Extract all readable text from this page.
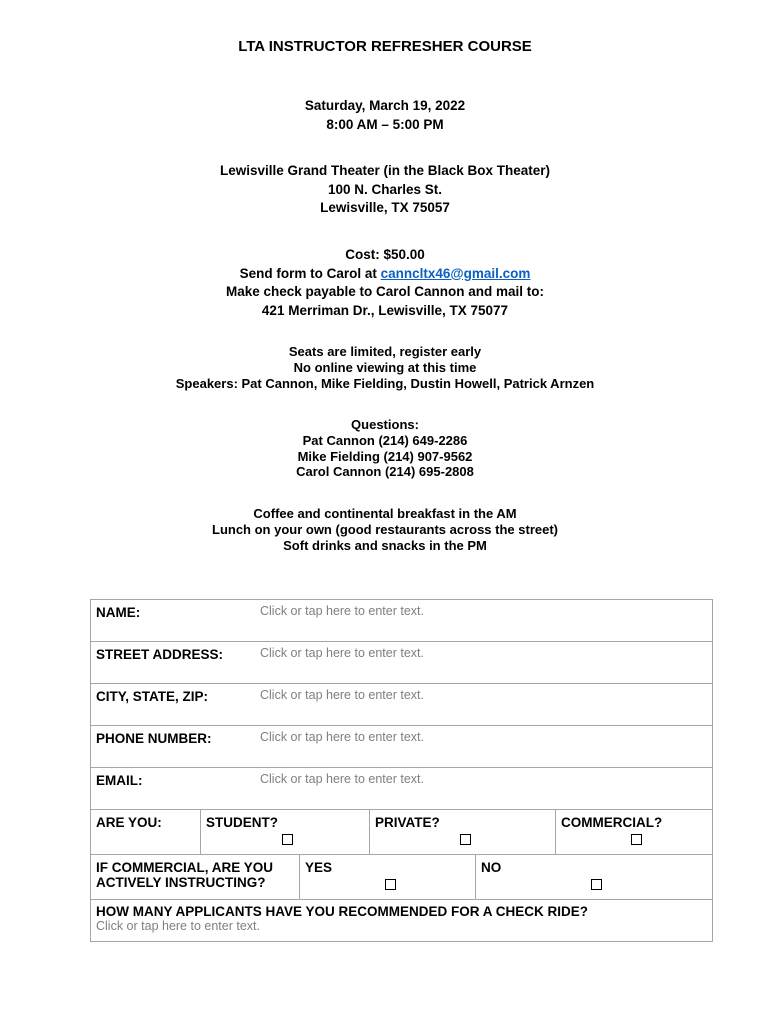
LTA INSTRUCTOR REFRESHER COURSE
Saturday, March 19, 2022
8:00 AM – 5:00 PM
Lewisville Grand Theater (in the Black Box Theater)
100 N. Charles St.
Lewisville, TX 75057
Cost: $50.00
Send form to Carol at canncltx46@gmail.com
Make check payable to Carol Cannon and mail to:
421 Merriman Dr., Lewisville, TX 75077
Seats are limited, register early
No online viewing at this time
Speakers: Pat Cannon, Mike Fielding, Dustin Howell, Patrick Arnzen
Questions:
Pat Cannon (214) 649-2286
Mike Fielding (214) 907-9562
Carol Cannon (214) 695-2808
Coffee and continental breakfast in the AM
Lunch on your own (good restaurants across the street)
Soft drinks and snacks in the PM
NAME: Click or tap here to enter text.					

STREET ADDRESS: Click or tap here to enter text.					

CITY, STATE, ZIP: Click or tap here to enter text.					

PHONE NUMBER: Click or tap here to enter text.					

EMAIL: Click or tap here to enter text.					

ARE YOU:	STUDENT?		PRIVATE?		COMMERCIAL?

IF COMMERCIAL, ARE YOU ACTIVELY INSTRUCTING?		YES		NO	

HOW MANY APPLICANTS HAVE YOU RECOMMENDED FOR A CHECK RIDE?
Click or tap here to enter text.					
